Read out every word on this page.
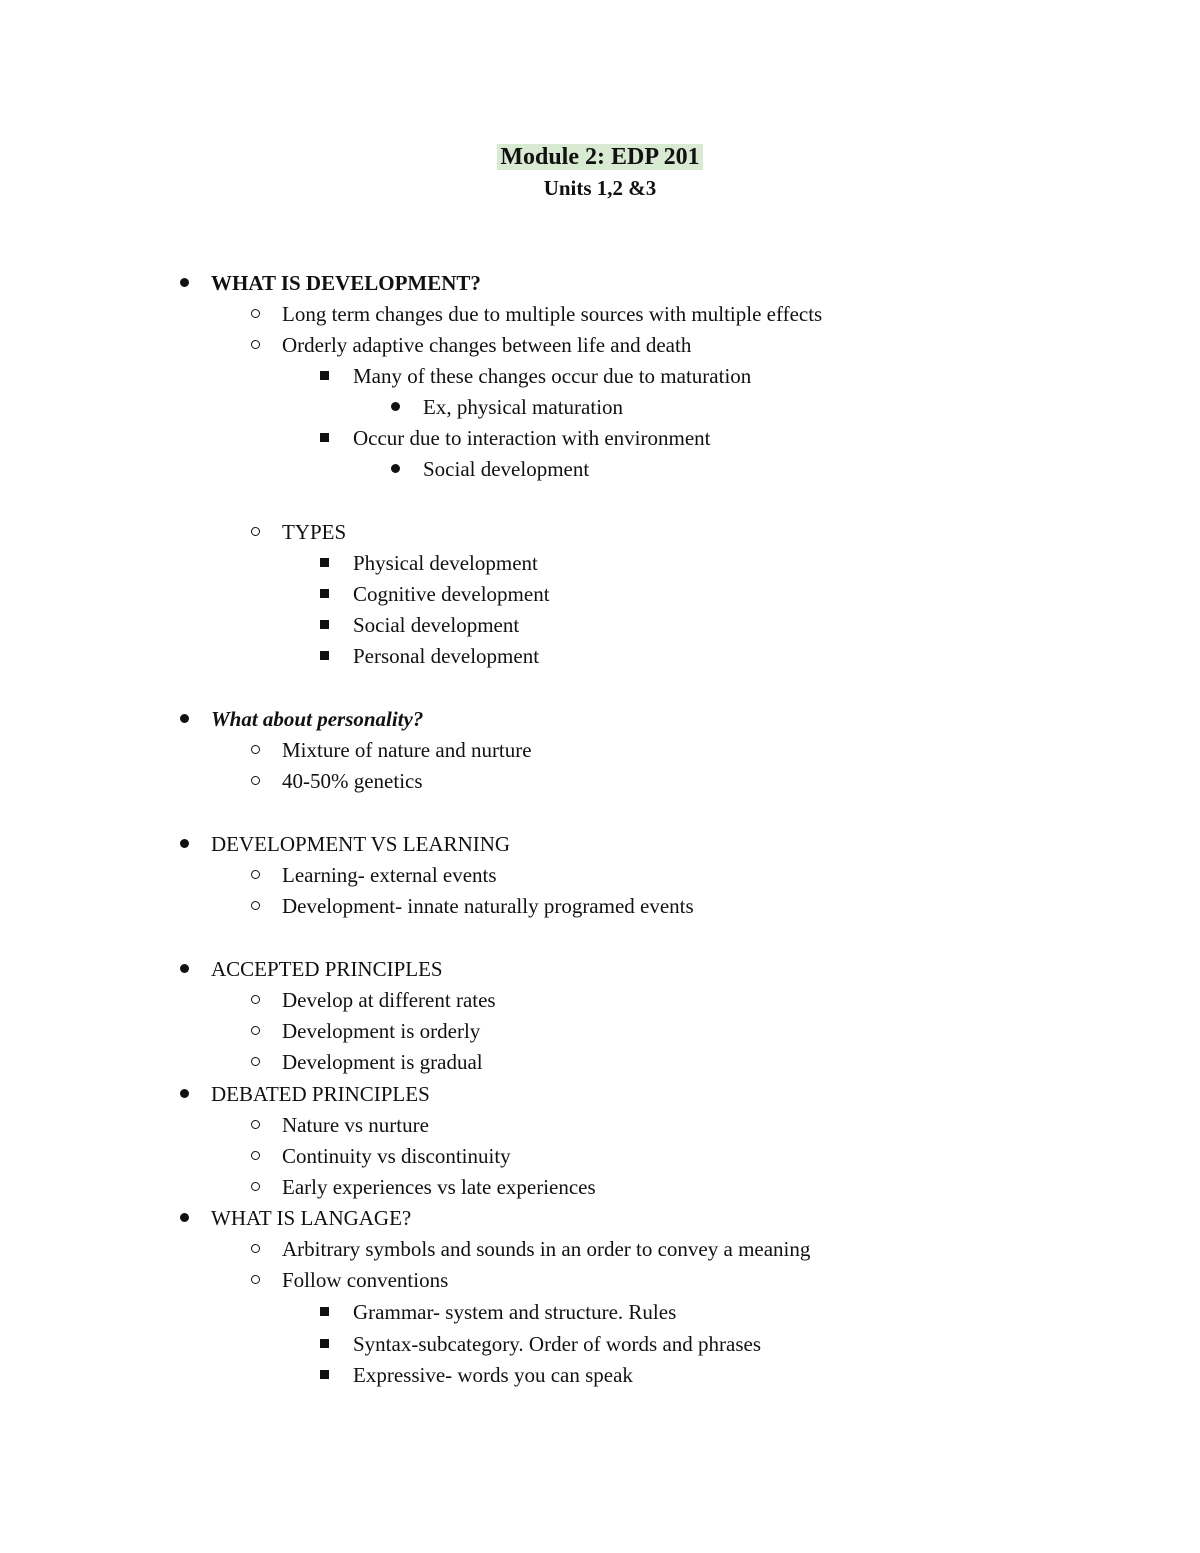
Module 2: EDP 201
Units 1,2 &3
WHAT IS DEVELOPMENT?
Long term changes due to multiple sources with multiple effects
Orderly adaptive changes between life and death
Many of these changes occur due to maturation
Ex, physical maturation
Occur due to interaction with environment
Social development
TYPES
Physical development
Cognitive development
Social development
Personal development
What about personality?
Mixture of nature and nurture
40-50% genetics
DEVELOPMENT VS LEARNING
Learning- external events
Development- innate naturally programed events
ACCEPTED PRINCIPLES
Develop at different rates
Development is orderly
Development is gradual
DEBATED PRINCIPLES
Nature vs nurture
Continuity vs discontinuity
Early experiences vs late experiences
WHAT IS LANGAGE?
Arbitrary symbols and sounds in an order to convey a meaning
Follow conventions
Grammar- system and structure. Rules
Syntax-subcategory. Order of words and phrases
Expressive- words you can speak
